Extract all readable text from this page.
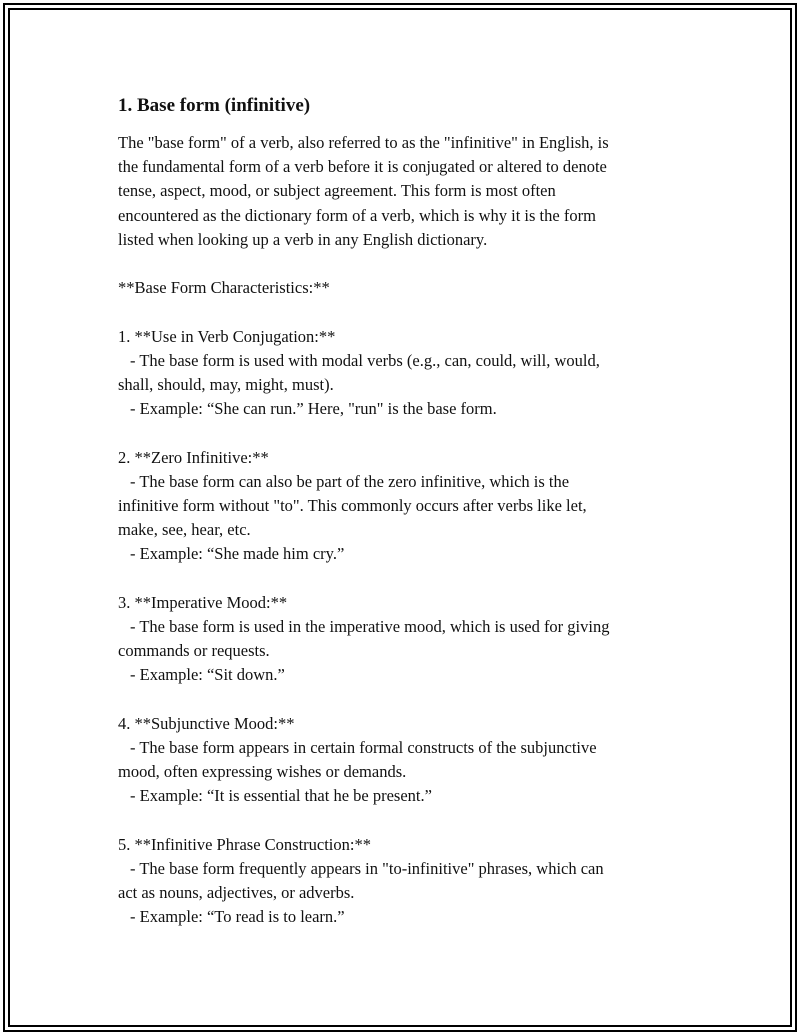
1. Base form (infinitive)

The "base form" of a verb, also referred to as the "infinitive" in English, is
the fundamental form of a verb before it is conjugated or altered to denote
tense, aspect, mood, or subject agreement. This form is most often
encountered as the dictionary form of a verb, which is why it is the form
listed when looking up a verb in any English dictionary.

**Base Form Characteristics:**

1. **Use in Verb Conjugation:**

- The base form is used with modal verbs (e.g., can, could, will, would,

shall, should, may, might, must).

- Example: “She can run.” Here, "run" is the base form.

2. **Zero Infinitive:**

- The base form can also be part of the zero infinitive, which is the

infinitive form without "to". This commonly occurs after verbs like let,
make, see, hear, etc.

- Example: “She made him cry.”

3. **Imperative Mood:**

- The base form is used in the imperative mood, which is used for giving

commands or requests.

- Example: “Sit down.”

4. **Subjunctive Mood:**

- The base form appears in certain formal constructs of the subjunctive

mood, often expressing wishes or demands.

- Example: “It is essential that he be present.”

5. **Infinitive Phrase Construction:**

- The base form frequently appears in "to-infinitive" phrases, which can

act as nouns, adjectives, or adverbs.

- Example: “To read is to learn.”
